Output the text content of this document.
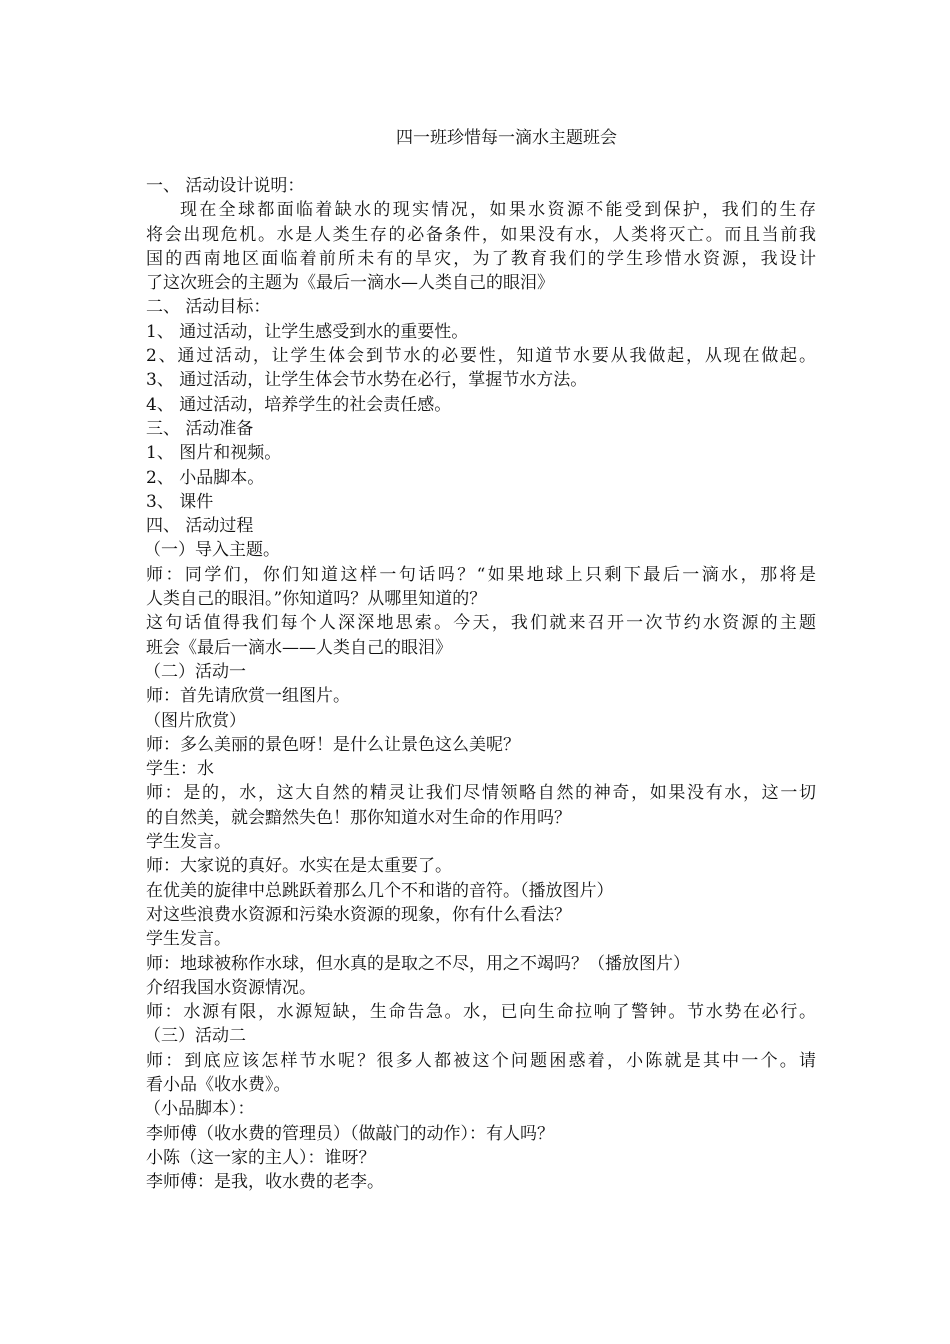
四一班珍惜每一滴水主题班会
一、 活动设计说明：
现在全球都面临着缺水的现实情况，如果水资源不能受到保护，我们的生存
将会出现危机。水是人类生存的必备条件，如果没有水，人类将灭亡。而且当前我
国的西南地区面临着前所未有的旱灾，为了教育我们的学生珍惜水资源，我设计
了这次班会的主题为《最后一滴水—人类自己的眼泪》
二、 活动目标：
1、 通过活动，让学生感受到水的重要性。
2、通过活动，让学生体会到节水的必要性，知道节水要从我做起，从现在做起。
3、 通过活动，让学生体会节水势在必行，掌握节水方法。
4、 通过活动，培养学生的社会责任感。
三、 活动准备
1、 图片和视频。
2、 小品脚本。
3、 课件
四、 活动过程
（一）导入主题。
师：同学们，你们知道这样一句话吗？“如果地球上只剩下最后一滴水，那将是
人类自己的眼泪。”你知道吗？从哪里知道的？
这句话值得我们每个人深深地思索。今天，我们就来召开一次节约水资源的主题
班会《最后一滴水——人类自己的眼泪》
（二）活动一
师：首先请欣赏一组图片。
（图片欣赏）
师：多么美丽的景色呀！是什么让景色这么美呢？
学生：水
师：是的，水，这大自然的精灵让我们尽情领略自然的神奇，如果没有水，这一切
的自然美，就会黯然失色！那你知道水对生命的作用吗？
学生发言。
师：大家说的真好。水实在是太重要了。
在优美的旋律中总跳跃着那么几个不和谐的音符。（播放图片）
对这些浪费水资源和污染水资源的现象，你有什么看法？
学生发言。
师：地球被称作水球，但水真的是取之不尽，用之不竭吗？（播放图片）
介绍我国水资源情况。
师：水源有限，水源短缺，生命告急。水，已向生命拉响了警钟。节水势在必行。
（三）活动二
师：到底应该怎样节水呢？很多人都被这个问题困惑着，小陈就是其中一个。请
看小品《收水费》。
（小品脚本）：
李师傅（收水费的管理员）（做敲门的动作）：有人吗？
小陈（这一家的主人）：谁呀？
李师傅：是我，收水费的老李。
